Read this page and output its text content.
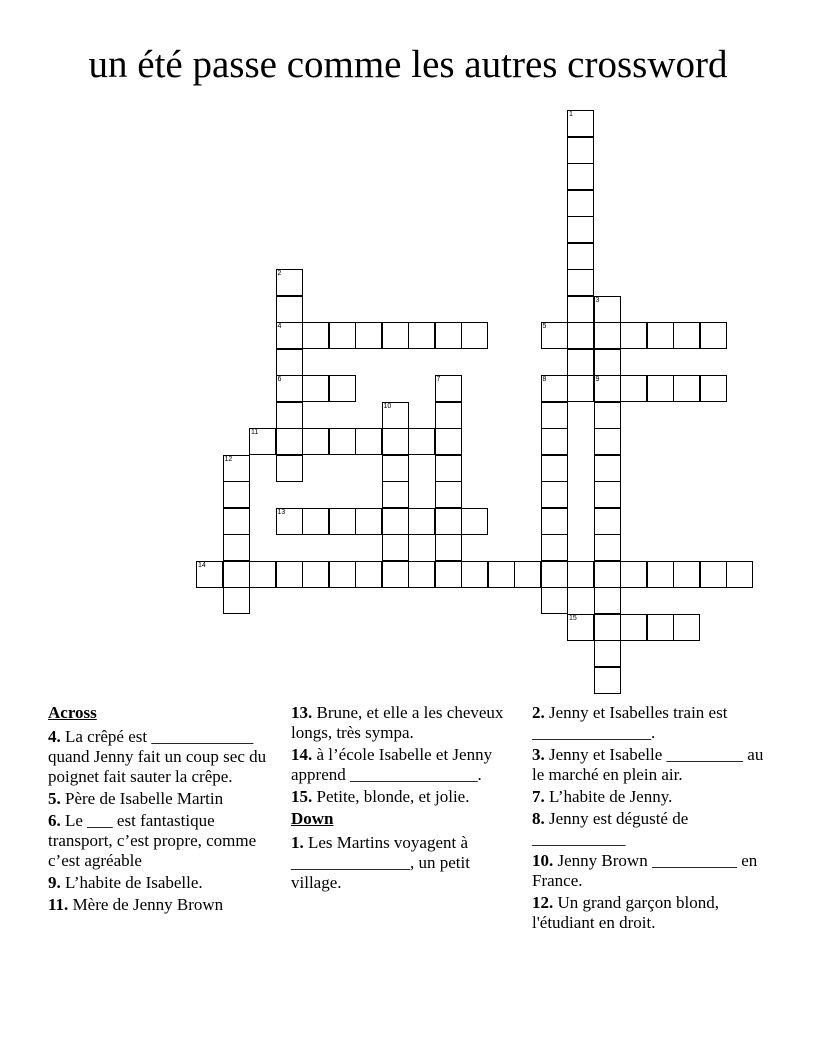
un été passe comme les autres crossword
1
2
4
6
3
9
5
7	8
10
11
12
13
14
15
Across
4. La crêpé est ____________ quand Jenny fait un coup sec du poignet fait sauter la crêpe.
5. Père de Isabelle Martin
6. Le ___ est fantastique transport, c’est propre, comme c’est agréable
9. L’habite de Isabelle.
11. Mère de Jenny Brown
13. Brune, et elle a les cheveux longs, très sympa.
14. à l’école Isabelle et Jenny apprend _______________.
15. Petite, blonde, et jolie.
Down
1. Les Martins voyagent à ______________, un petit village.
2. Jenny et Isabelles train est ______________.
3. Jenny et Isabelle _________ au le marché en plein air.
7. L’habite de Jenny.
8. Jenny est dégusté de ___________
10. Jenny Brown __________ en France.
12. Un grand garçon blond, l'étudiant en droit.
